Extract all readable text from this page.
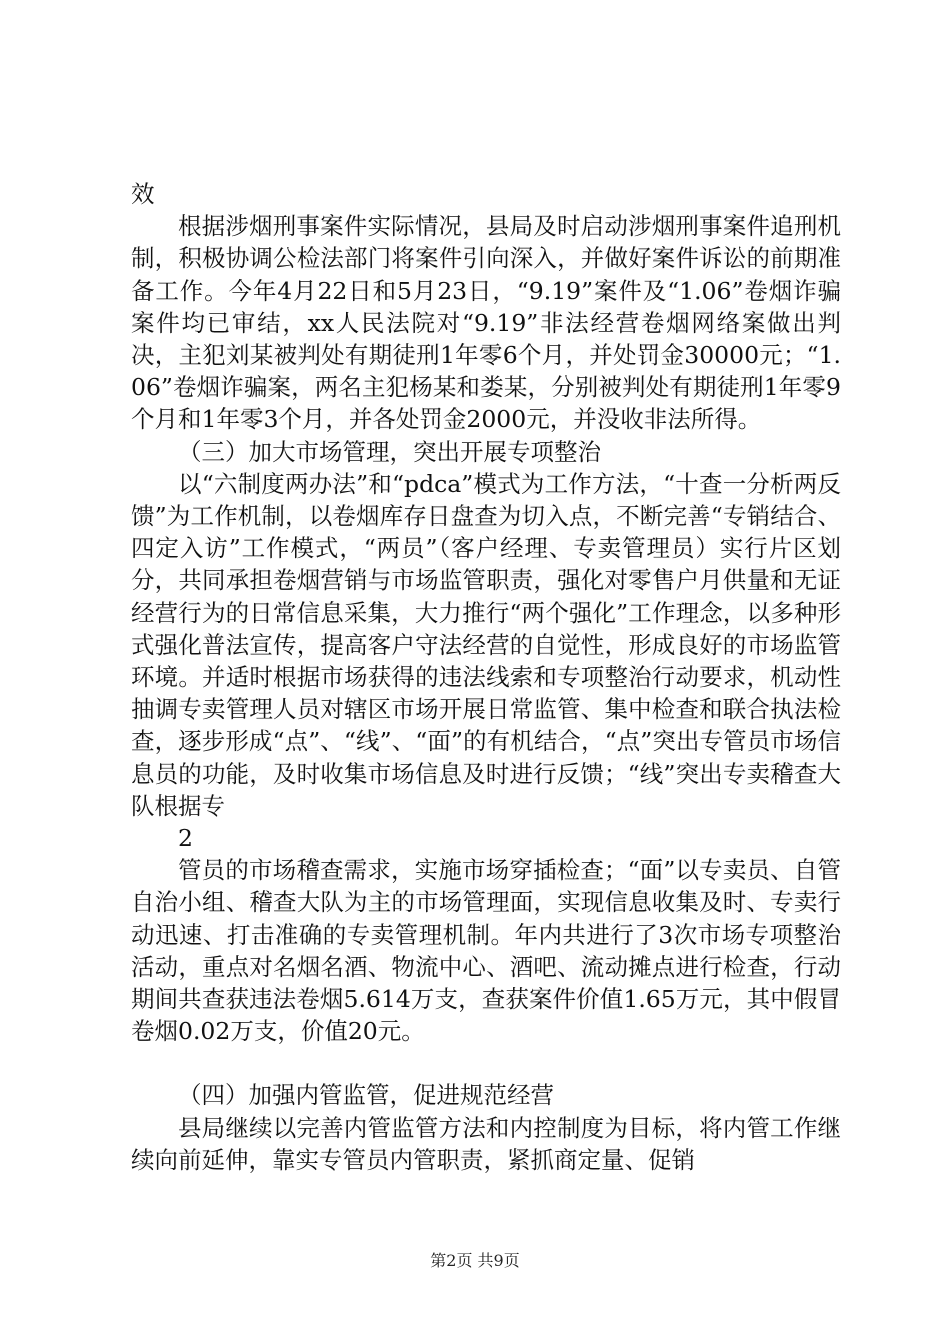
效

根据涉烟刑事案件实际情况，县局及时启动涉烟刑事案件追刑机制，积极协调公检法部门将案件引向深入，并做好案件诉讼的前期准备工作。今年4月22日和5月23日，“9.19”案件及“1.06”卷烟诈骗案件均已审结，xx人民法院对“9.19”非法经营卷烟网络案做出判决，主犯刘某被判处有期徒刑1年零6个月，并处罚金30000元；“1.06”卷烟诈骗案，两名主犯杨某和娄某，分别被判处有期徒刑1年零9个月和1年零3个月，并各处罚金2000元，并没收非法所得。

（三）加大市场管理，突出开展专项整治

以“六制度两办法”和“pdca”模式为工作方法，“十查一分析两反馈”为工作机制，以卷烟库存日盘查为切入点，不断完善“专销结合、四定入访”工作模式，“两员”（客户经理、专卖管理员）实行片区划分，共同承担卷烟营销与市场监管职责，强化对零售户月供量和无证经营行为的日常信息采集，大力推行“两个强化”工作理念，以多种形式强化普法宣传，提高客户守法经营的自觉性，形成良好的市场监管环境。并适时根据市场获得的违法线索和专项整治行动要求，机动性抽调专卖管理人员对辖区市场开展日常监管、集中检查和联合执法检查，逐步形成“点”、“线”、“面”的有机结合，“点”突出专管员市场信息员的功能，及时收集市场信息及时进行反馈；“线”突出专卖稽查大队根据专

2

管员的市场稽查需求，实施市场穿插检查；“面”以专卖员、自管自治小组、稽查大队为主的市场管理面，实现信息收集及时、专卖行动迅速、打击准确的专卖管理机制。年内共进行了3次市场专项整治活动，重点对名烟名酒、物流中心、酒吧、流动摊点进行检查，行动期间共查获违法卷烟5.614万支，查获案件价值1.65万元，其中假冒卷烟0.02万支，价值20元。

（四）加强内管监管，促进规范经营

县局继续以完善内管监管方法和内控制度为目标，将内管工作继续向前延伸，靠实专管员内管职责，紧抓商定量、促销

第2页 共9页
